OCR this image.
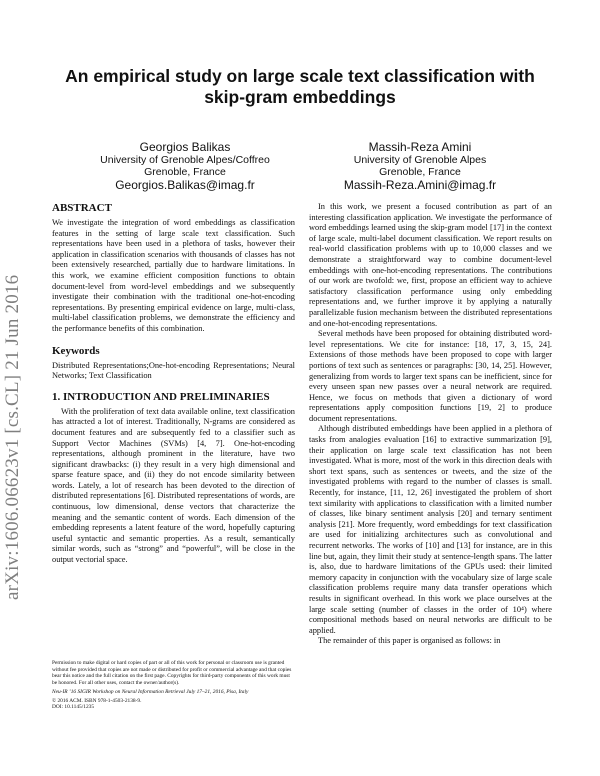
An empirical study on large scale text classification with
skip-gram embeddings
Georgios Balikas
University of Grenoble Alpes/Coffreo
Grenoble, France
Georgios.Balikas@imag.fr
Massih-Reza Amini
University of Grenoble Alpes
Grenoble, France
Massih-Reza.Amini@imag.fr
arXiv:1606.06623v1 [cs.CL] 21 Jun 2016
ABSTRACT

We investigate the integration of word embeddings as classification features in the setting of large scale text classification. Such representations have been used in a plethora of tasks, however their application in classification scenarios with thousands of classes has not been extensively researched, partially due to hardware limitations. In this work, we examine efficient composition functions to obtain document-level from word-level embeddings and we subsequently investigate their combination with the traditional one-hot-encoding representations. By presenting empirical evidence on large, multi-class, multi-label classification problems, we demonstrate the efficiency and the performance benefits of this combination.

Keywords

Distributed Representations;One-hot-encoding Representations; Neural Networks; Text Classification

1. INTRODUCTION AND PRELIMINARIES

With the proliferation of text data available online, text classification has attracted a lot of interest. Traditionally, N-grams are considered as document features and are subsequently fed to a classifier such as Support Vector Machines (SVMs) [4, 7]. One-hot-encoding representations, although prominent in the literature, have two significant drawbacks: (i) they result in a very high dimensional and sparse feature space, and (ii) they do not encode similarity between words. Lately, a lot of research has been devoted to the direction of distributed representations [6]. Distributed representations of words, are continuous, low dimensional, dense vectors that characterize the meaning and the semantic content of words. Each dimension of the embedding represents a latent feature of the word, hopefully capturing useful syntactic and semantic properties. As a result, semantically similar words, such as “strong” and “powerful”, will be close in the output vectorial space.

Permission to make digital or hard copies of part or all of this work for personal or classroom use is granted without fee provided that copies are not made or distributed for profit or commercial advantage and that copies bear this notice and the full citation on the first page. Copyrights for third-party components of this work must be honored. For all other uses, contact the owner/author(s).

Neu-IR ’16 SIGIR Workshop on Neural Information Retrieval July 17–21, 2016, Pisa, Italy

© 2016 ACM. ISBN 978-1-4503-2138-9.

DOI: 10.1145/1235

In this work, we present a focused contribution as part of an interesting classification application. We investigate the performance of word embeddings learned using the skip-gram model [17] in the context of large scale, multi-label document classification. We report results on real-world classification problems with up to 10,000 classes and we demonstrate a straightforward way to combine document-level embeddings with one-hot-encoding representations. The contributions of our work are twofold: we, first, propose an efficient way to achieve satisfactory classification performance using only embedding representations and, we further improve it by applying a naturally parallelizable fusion mechanism between the distributed representations and one-hot-encoding representations.

Several methods have been proposed for obtaining distributed word-level representations. We cite for instance: [18, 17, 3, 15, 24]. Extensions of those methods have been proposed to cope with larger portions of text such as sentences or paragraphs: [30, 14, 25]. However, generalizing from words to larger text spans can be inefficient, since for every unseen span new passes over a neural network are required. Hence, we focus on methods that given a dictionary of word representations apply composition functions [19, 2] to produce document representations.

Although distributed embeddings have been applied in a plethora of tasks from analogies evaluation [16] to extractive summarization [9], their application on large scale text classification has not been investigated. What is more, most of the work in this direction deals with short text spans, such as sentences or tweets, and the size of the investigated problems with regard to the number of classes is small. Recently, for instance, [11, 12, 26] investigated the problem of short text similarity with applications to classification with a limited number of classes, like binary sentiment analysis [20] and ternary sentiment analysis [21]. More frequently, word embeddings for text classification are used for initializing architectures such as convolutional and recurrent networks. The works of [10] and [13] for instance, are in this line but, again, they limit their study at sentence-length spans. The latter is, also, due to hardware limitations of the GPUs used: their limited memory capacity in conjunction with the vocabulary size of large scale classification problems require many data transfer operations which results in significant overhead. In this work we place ourselves at the large scale setting (number of classes in the order of 10⁴) where compositional methods based on neural networks are difficult to be applied.

The remainder of this paper is organised as follows: in
